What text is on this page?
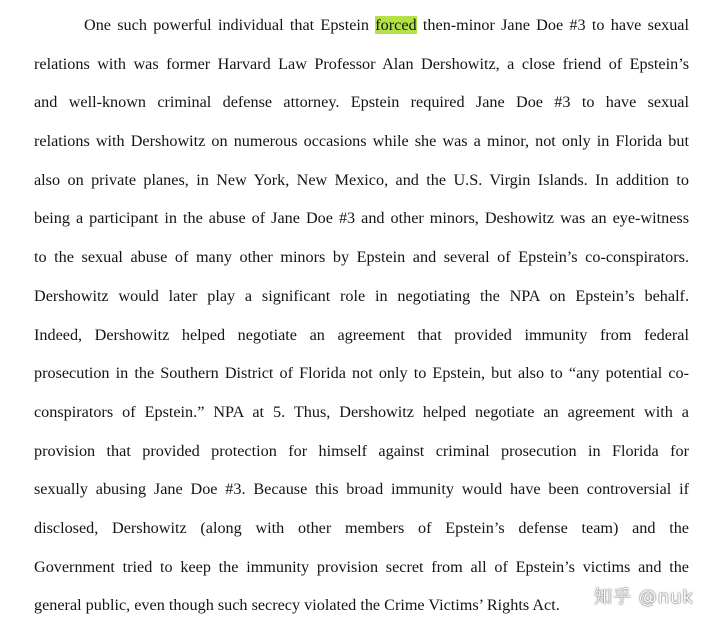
One such powerful individual that Epstein forced then-minor Jane Doe #3 to have sexual
relations with was former Harvard Law Professor Alan Dershowitz, a close friend of Epstein’s
and well-known criminal defense attorney. Epstein required Jane Doe #3 to have sexual
relations with Dershowitz on numerous occasions while she was a minor, not only in Florida but
also on private planes, in New York, New Mexico, and the U.S. Virgin Islands. In addition to
being a participant in the abuse of Jane Doe #3 and other minors, Deshowitz was an eye-witness
to the sexual abuse of many other minors by Epstein and several of Epstein’s co-conspirators.
Dershowitz would later play a significant role in negotiating the NPA on Epstein’s behalf.
Indeed, Dershowitz helped negotiate an agreement that provided immunity from federal
prosecution in the Southern District of Florida not only to Epstein, but also to “any potential co-
conspirators of Epstein.” NPA at 5. Thus, Dershowitz helped negotiate an agreement with a
provision that provided protection for himself against criminal prosecution in Florida for
sexually abusing Jane Doe #3. Because this broad immunity would have been controversial if
disclosed, Dershowitz (along with other members of Epstein’s defense team) and the
Government tried to keep the immunity provision secret from all of Epstein’s victims and the
general public, even though such secrecy violated the Crime Victims’ Rights Act.	知乎 @nuk
